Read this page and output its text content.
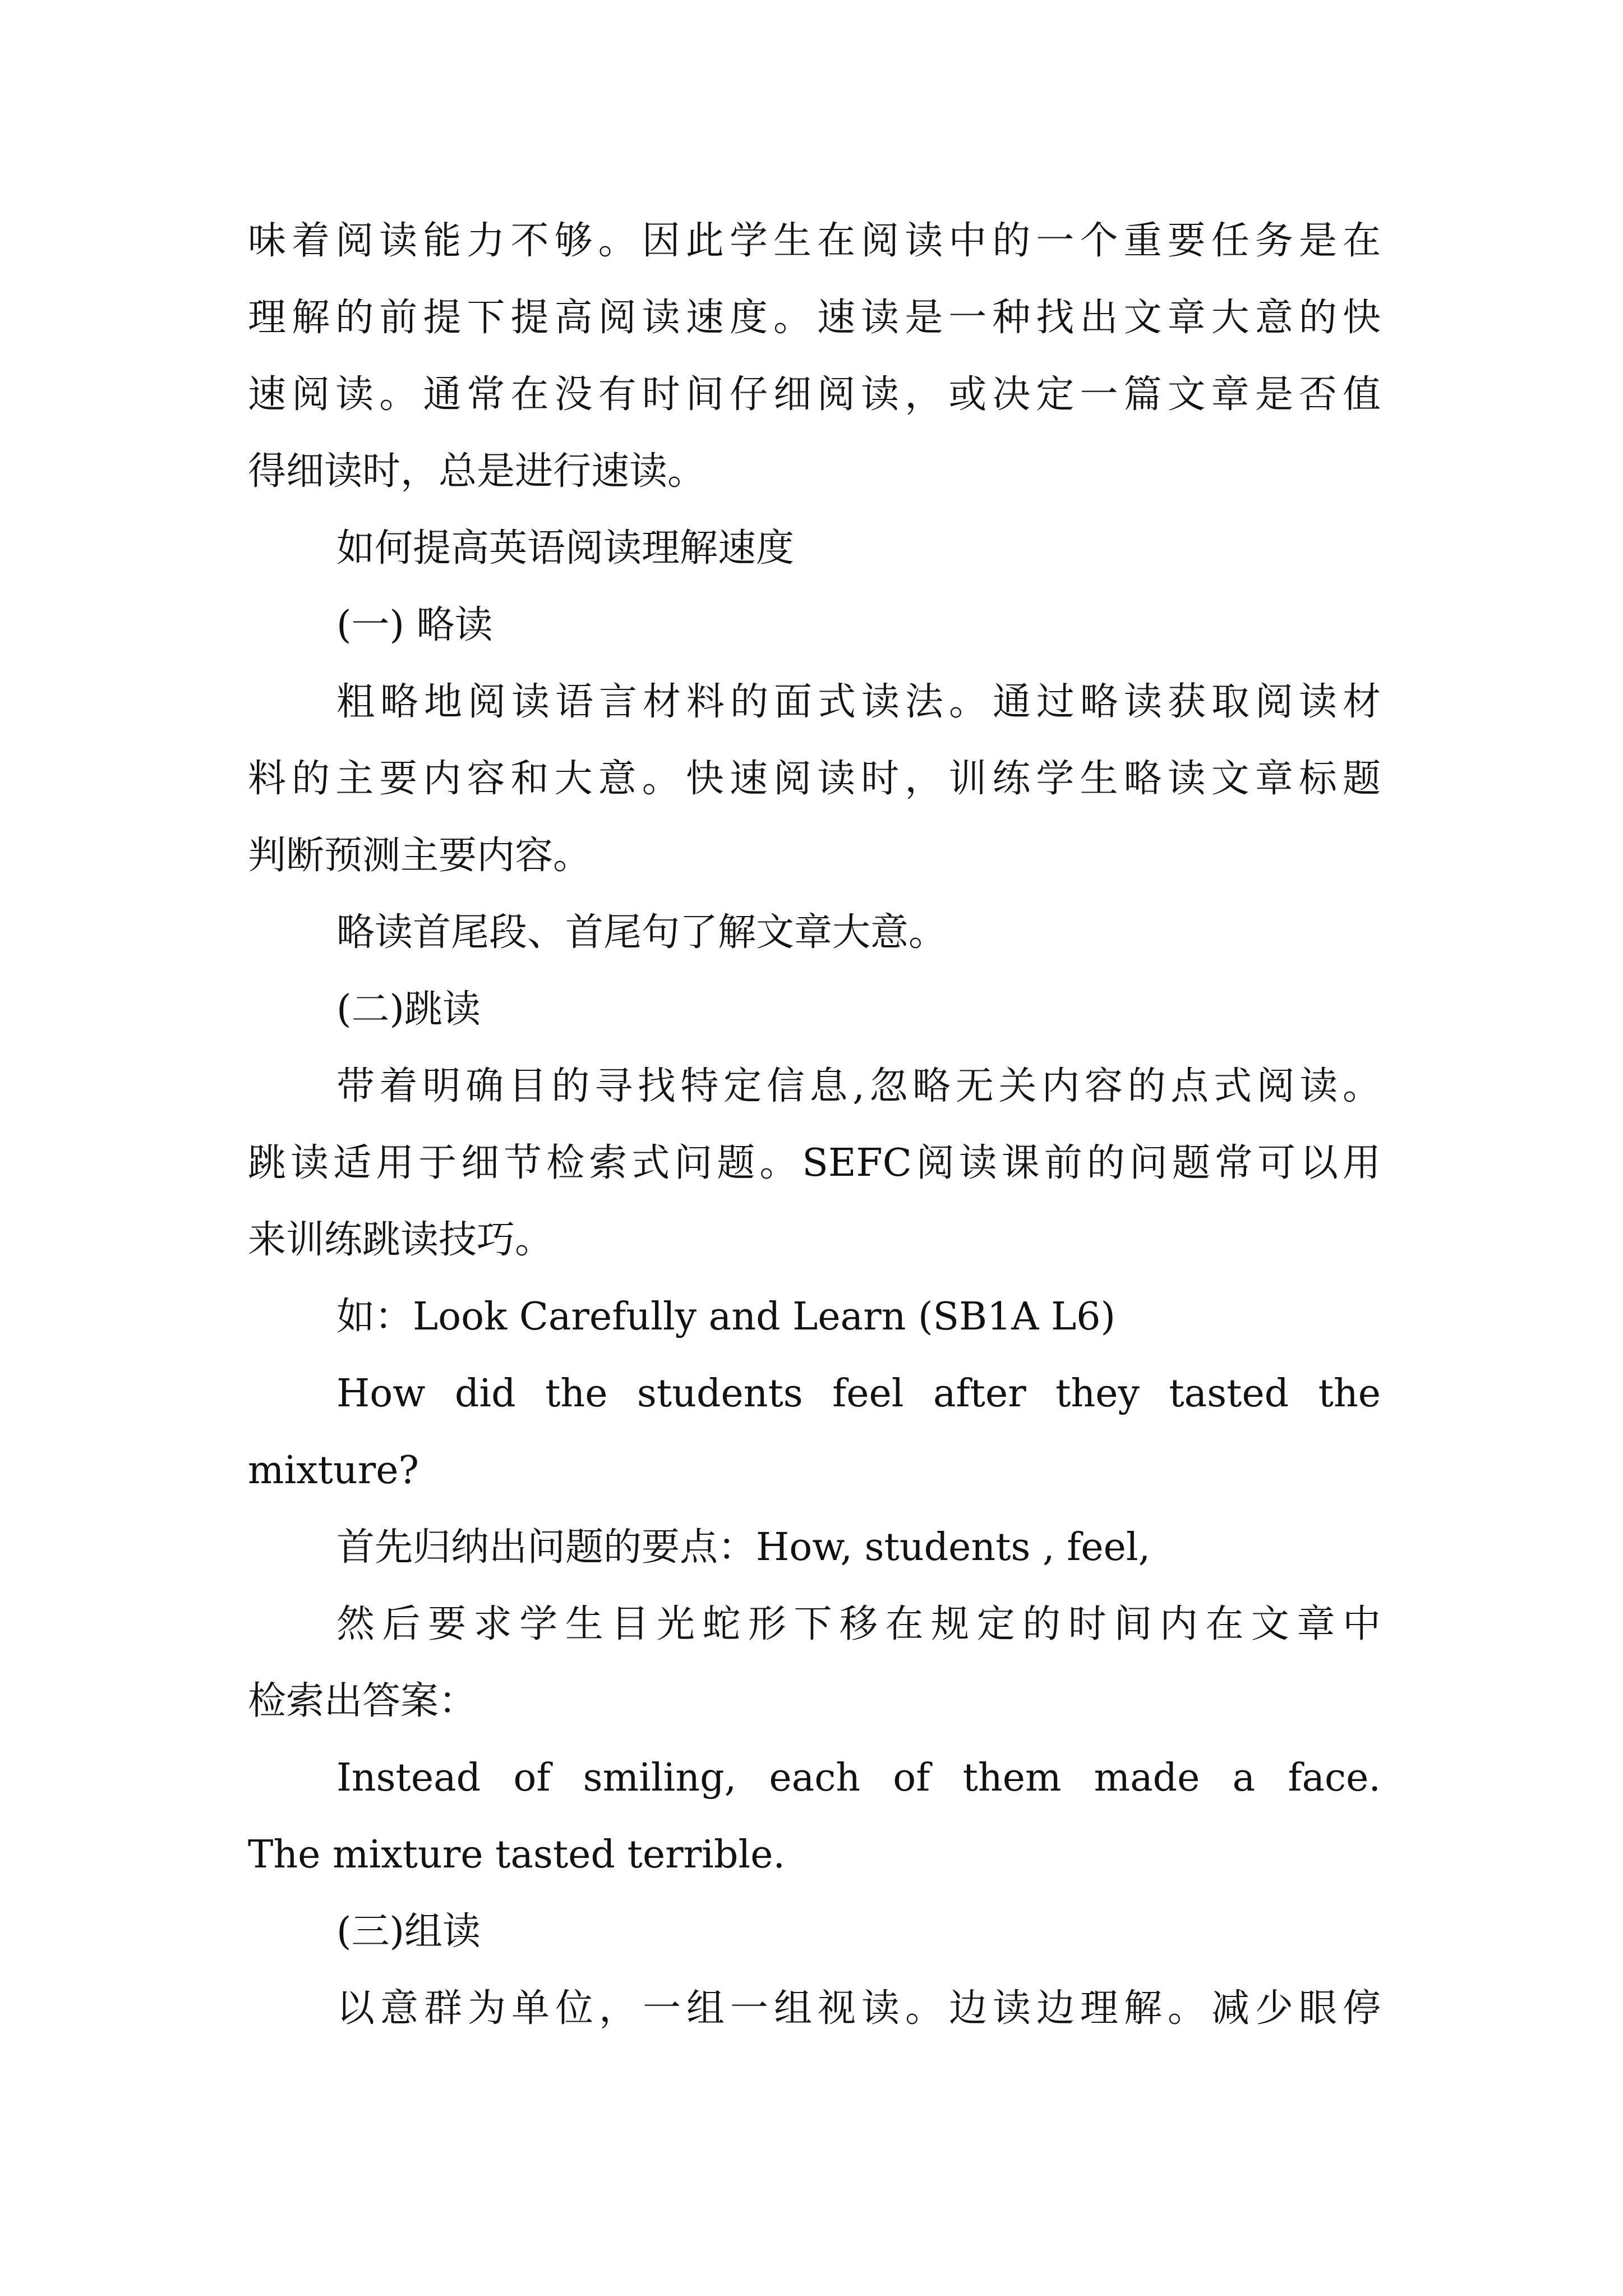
味着阅读能力不够。因此学生在阅读中的一个重要任务是在
理解的前提下提高阅读速度。速读是一种找出文章大意的快
速阅读。通常在没有时间仔细阅读，或决定一篇文章是否值
得细读时，总是进行速读。
如何提高英语阅读理解速度
(一) 略读
粗略地阅读语言材料的面式读法。通过略读获取阅读材
料的主要内容和大意。快速阅读时，训练学生略读文章标题
判断预测主要内容。
略读首尾段、首尾句了解文章大意。
(二)跳读
带着明确目的寻找特定信息,忽略无关内容的点式阅读。
跳读适用于细节检索式问题。SEFC阅读课前的问题常可以用
来训练跳读技巧。
如：Look Carefully and Learn (SB1A L6)
How did the students feel after they tasted the
mixture?
首先归纳出问题的要点：How, students , feel,
然后要求学生目光蛇形下移在规定的时间内在文章中
检索出答案：
Instead of smiling, each of them made a face.
The mixture tasted terrible.
(三)组读
以意群为单位，一组一组视读。边读边理解。减少眼停
